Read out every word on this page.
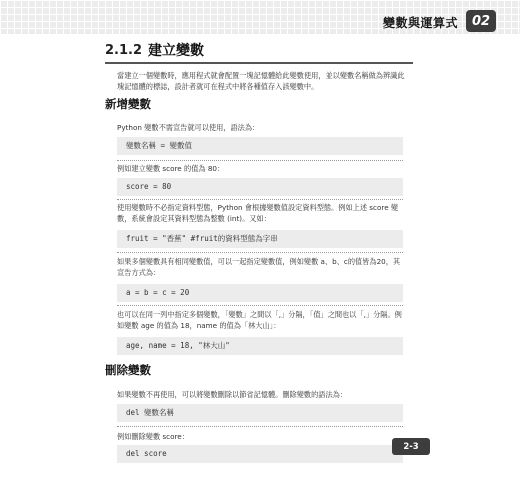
變數與運算式	02
2.1.2 建立變數
當建立一個變數時，應用程式就會配置一塊記憶體給此變數使用，並以變數名稱做為辨識此塊記憶體的標誌，設計者就可在程式中將各種值存入該變數中。
新增變數
Python 變數不需宣告就可以使用，語法為：
變數名稱 = 變數值
例如建立變數 score 的值為 80：
score = 80
使用變數時不必指定資料型態，Python 會根據變數值設定資料型態。例如上述 score 變數，系統會設定其資料型態為整數 (int)。又如：
fruit = "香蕉" #fruit的資料型態為字串
如果多個變數具有相同變數值，可以一起指定變數值，例如變數 a、b、c的值皆為20，其宣告方式為：
a = b = c = 20
也可以在同一列中指定多個變數，「變數」之間以「,」分隔，「值」之間也以「,」分隔。例如變數 age 的值為 18，name 的值為「林大山」：
age, name = 18, "林大山"
刪除變數
如果變數不再使用，可以將變數刪除以節省記憶體。刪除變數的語法為：
del 變數名稱
例如刪除變數 score：
del score
2-3
